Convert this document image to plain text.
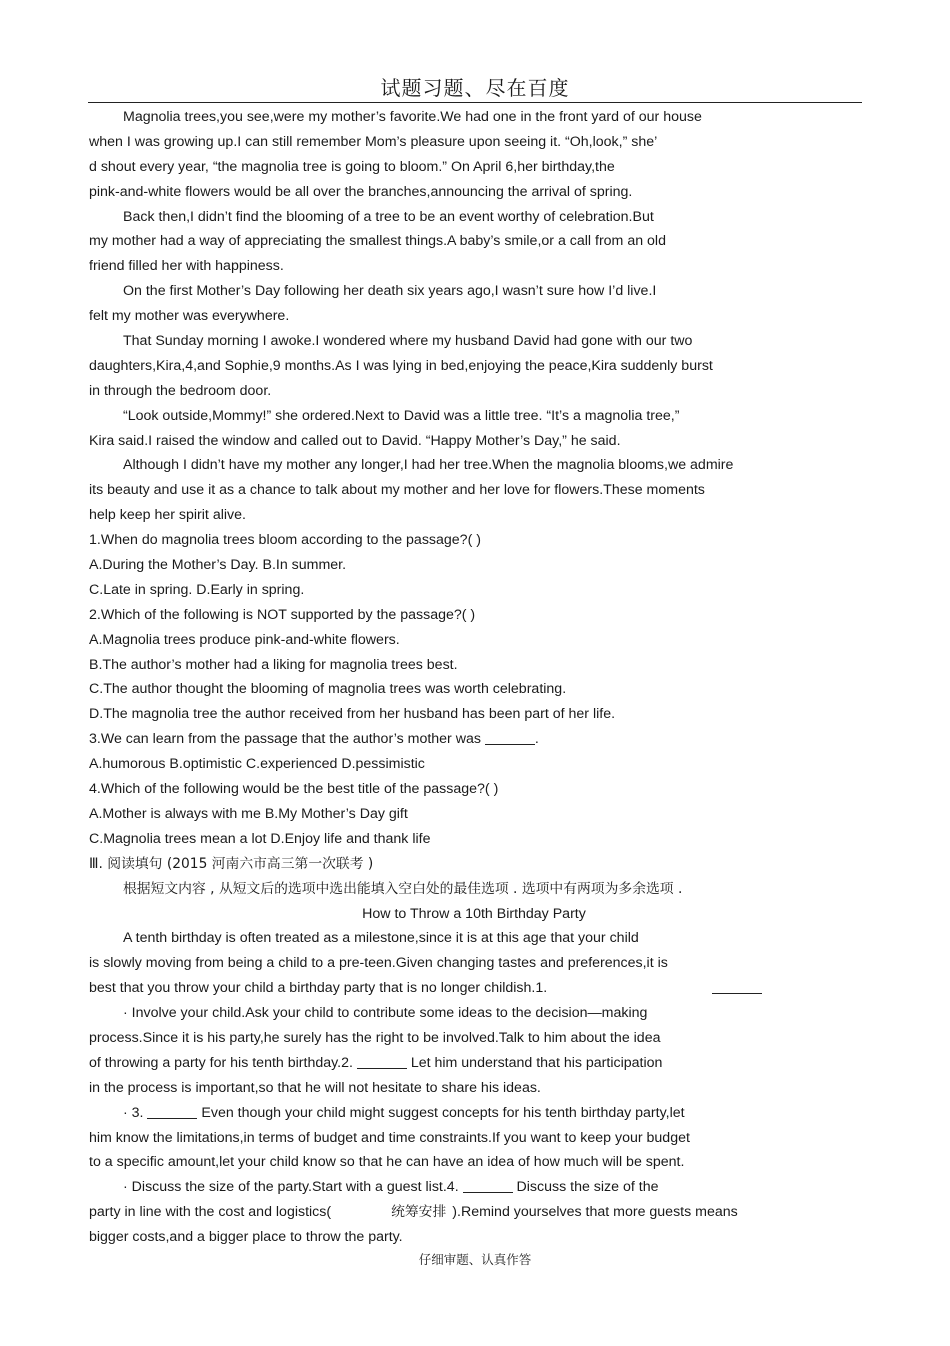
试题习题、尽在百度
Magnolia trees,you see,were my mother’s favorite.We had one in the front yard of our house
when I was growing up.I can still remember Mom’s pleasure upon seeing it. “Oh,look,” she’
d shout every year, “the magnolia tree is going to bloom.” On April 6,her birthday,the
pink-and-white flowers would be all over the branches,announcing the arrival of spring.
Back then,I didn’t find the blooming of a tree to be an event worthy of celebration.But
my mother had a way of appreciating the smallest things.A baby’s smile,or a call from an old
friend filled her with happiness.
On the first Mother’s Day following her death six years ago,I wasn’t sure how I’d live.I
felt my mother was everywhere.
That Sunday morning I awoke.I wondered where my husband David had gone with our two
daughters,Kira,4,and Sophie,9 months.As I was lying in bed,enjoying the peace,Kira suddenly burst
in through the bedroom door.
“Look outside,Mommy!” she ordered.Next to David was a little tree. “It’s a magnolia tree,”
Kira said.I raised the window and called out to David. “Happy Mother’s Day,” he said.
Although I didn’t have my mother any longer,I had her tree.When the magnolia blooms,we admire
its beauty and use it as a chance to talk about my mother and her love for flowers.These moments
help keep her spirit alive.
1.When do magnolia trees bloom according to the passage?( )
A.During the Mother’s Day. B.In summer.
C.Late in spring. D.Early in spring.
2.Which of the following is NOT supported by the passage?( )
A.Magnolia trees produce pink-and-white flowers.
B.The author’s mother had a liking for magnolia trees best.
C.The author thought the blooming of magnolia trees was worth celebrating.
D.The magnolia tree the author received from her husband has been part of her life.
3.We can learn from the passage that the author’s mother was	.
A.humorous B.optimistic C.experienced D.pessimistic
4.Which of the following would be the best title of the passage?( )
A.Mother is always with me B.My Mother’s Day gift
C.Magnolia trees mean a lot D.Enjoy life and thank life
Ⅲ. 阅读填句 (2015 河南六市高三第一次联考 )
根据短文内容 , 从短文后的选项中选出能填入空白处的最佳选项 . 选项中有两项为多余选项 .
How to Throw a 10th Birthday Party
A tenth birthday is often treated as a milestone,since it is at this age that your child
is slowly moving from being a child to a pre-teen.Given changing tastes and preferences,it is
best that you throw your child a birthday party that is no longer childish.1.
· Involve your child.Ask your child to contribute some ideas to the decision—making
process.Since it is his party,he surely has the right to be involved.Talk to him about the idea
of throwing a party for his tenth birthday.2.	Let him understand that his participation
in the process is important,so that he will not hesitate to share his ideas.
· 3.	Even though your child might suggest concepts for his tenth birthday party,let
him know the limitations,in terms of budget and time constraints.If you want to keep your budget
to a specific amount,let your child know so that he can have an idea of how much will be spent.
· Discuss the size of the party.Start with a guest list.4.	Discuss the size of the
party in line with the cost and logistics(	统筹安排 ).Remind yourselves that more guests means
bigger costs,and a bigger place to throw the party.
仔细审题、认真作答
